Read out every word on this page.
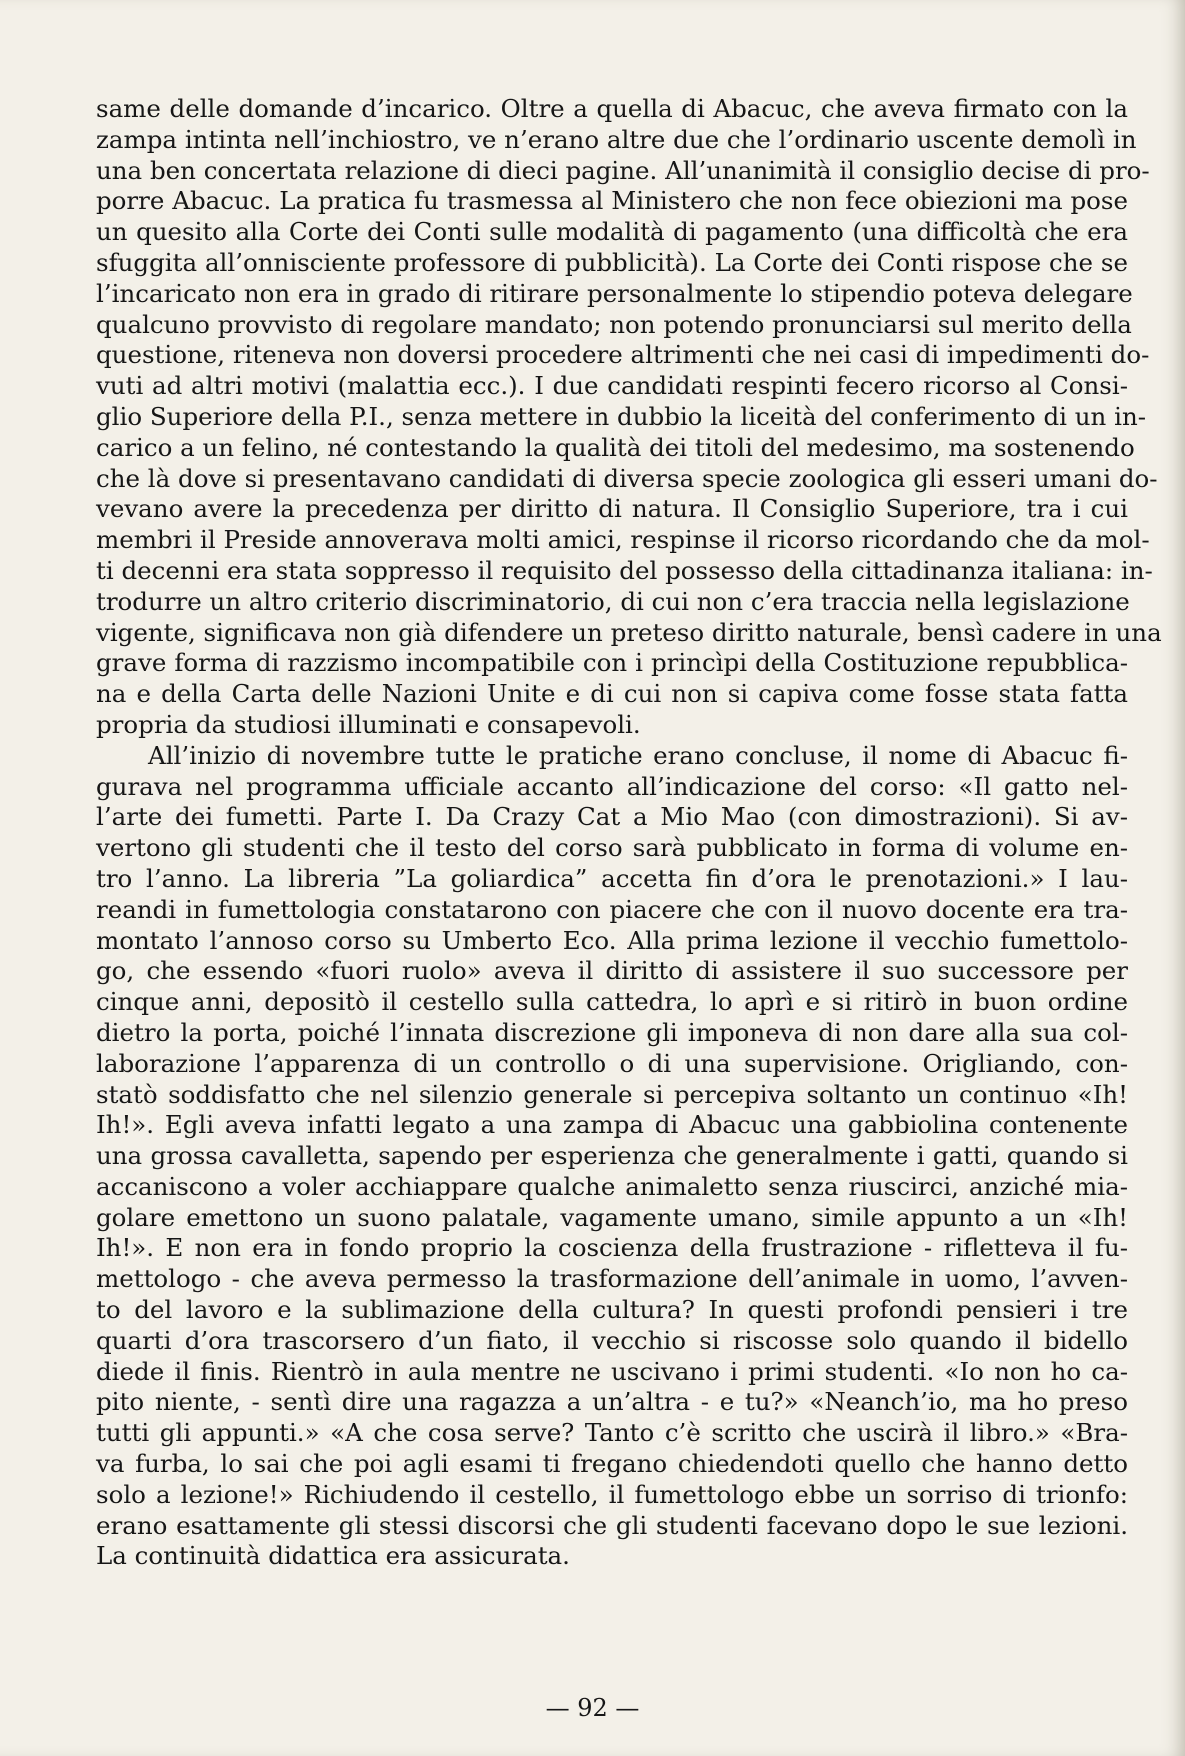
same delle domande d’incarico. Oltre a quella di Abacuc, che aveva firmato con la
zampa intinta nell’inchiostro, ve n’erano altre due che l’ordinario uscente demolì in
una ben concertata relazione di dieci pagine. All’unanimità il consiglio decise di pro-
porre Abacuc. La pratica fu trasmessa al Ministero che non fece obiezioni ma pose
un quesito alla Corte dei Conti sulle modalità di pagamento (una difficoltà che era
sfuggita all’onnisciente professore di pubblicità). La Corte dei Conti rispose che se
l’incaricato non era in grado di ritirare personalmente lo stipendio poteva delegare
qualcuno provvisto di regolare mandato; non potendo pronunciarsi sul merito della
questione, riteneva non doversi procedere altrimenti che nei casi di impedimenti do-
vuti ad altri motivi (malattia ecc.). I due candidati respinti fecero ricorso al Consi-
glio Superiore della P.I., senza mettere in dubbio la liceità del conferimento di un in-
carico a un felino, né contestando la qualità dei titoli del medesimo, ma sostenendo
che là dove si presentavano candidati di diversa specie zoologica gli esseri umani do-
vevano avere la precedenza per diritto di natura. Il Consiglio Superiore, tra i cui
membri il Preside annoverava molti amici, respinse il ricorso ricordando che da mol-
ti decenni era stata soppresso il requisito del possesso della cittadinanza italiana: in-
trodurre un altro criterio discriminatorio, di cui non c’era traccia nella legislazione
vigente, significava non già difendere un preteso diritto naturale, bensì cadere in una
grave forma di razzismo incompatibile con i princìpi della Costituzione repubblica-
na e della Carta delle Nazioni Unite e di cui non si capiva come fosse stata fatta
propria da studiosi illuminati e consapevoli.
All’inizio di novembre tutte le pratiche erano concluse, il nome di Abacuc fi-
gurava nel programma ufficiale accanto all’indicazione del corso: «Il gatto nel-
l’arte dei fumetti. Parte I. Da Crazy Cat a Mio Mao (con dimostrazioni). Si av-
vertono gli studenti che il testo del corso sarà pubblicato in forma di volume en-
tro l’anno. La libreria ”La goliardica” accetta fin d’ora le prenotazioni.» I lau-
reandi in fumettologia constatarono con piacere che con il nuovo docente era tra-
montato l’annoso corso su Umberto Eco. Alla prima lezione il vecchio fumettolo-
go, che essendo «fuori ruolo» aveva il diritto di assistere il suo successore per
cinque anni, depositò il cestello sulla cattedra, lo aprì e si ritirò in buon ordine
dietro la porta, poiché l’innata discrezione gli imponeva di non dare alla sua col-
laborazione l’apparenza di un controllo o di una supervisione. Origliando, con-
statò soddisfatto che nel silenzio generale si percepiva soltanto un continuo «Ih!
Ih!». Egli aveva infatti legato a una zampa di Abacuc una gabbiolina contenente
una grossa cavalletta, sapendo per esperienza che generalmente i gatti, quando si
accaniscono a voler acchiappare qualche animaletto senza riuscirci, anziché mia-
golare emettono un suono palatale, vagamente umano, simile appunto a un «Ih!
Ih!». E non era in fondo proprio la coscienza della frustrazione - rifletteva il fu-
mettologo - che aveva permesso la trasformazione dell’animale in uomo, l’avven-
to del lavoro e la sublimazione della cultura? In questi profondi pensieri i tre
quarti d’ora trascorsero d’un fiato, il vecchio si riscosse solo quando il bidello
diede il finis. Rientrò in aula mentre ne uscivano i primi studenti. «Io non ho ca-
pito niente, - sentì dire una ragazza a un’altra - e tu?» «Neanch’io, ma ho preso
tutti gli appunti.» «A che cosa serve? Tanto c’è scritto che uscirà il libro.» «Bra-
va furba, lo sai che poi agli esami ti fregano chiedendoti quello che hanno detto
solo a lezione!» Richiudendo il cestello, il fumettologo ebbe un sorriso di trionfo:
erano esattamente gli stessi discorsi che gli studenti facevano dopo le sue lezioni.
La continuità didattica era assicurata.
— 92 —
